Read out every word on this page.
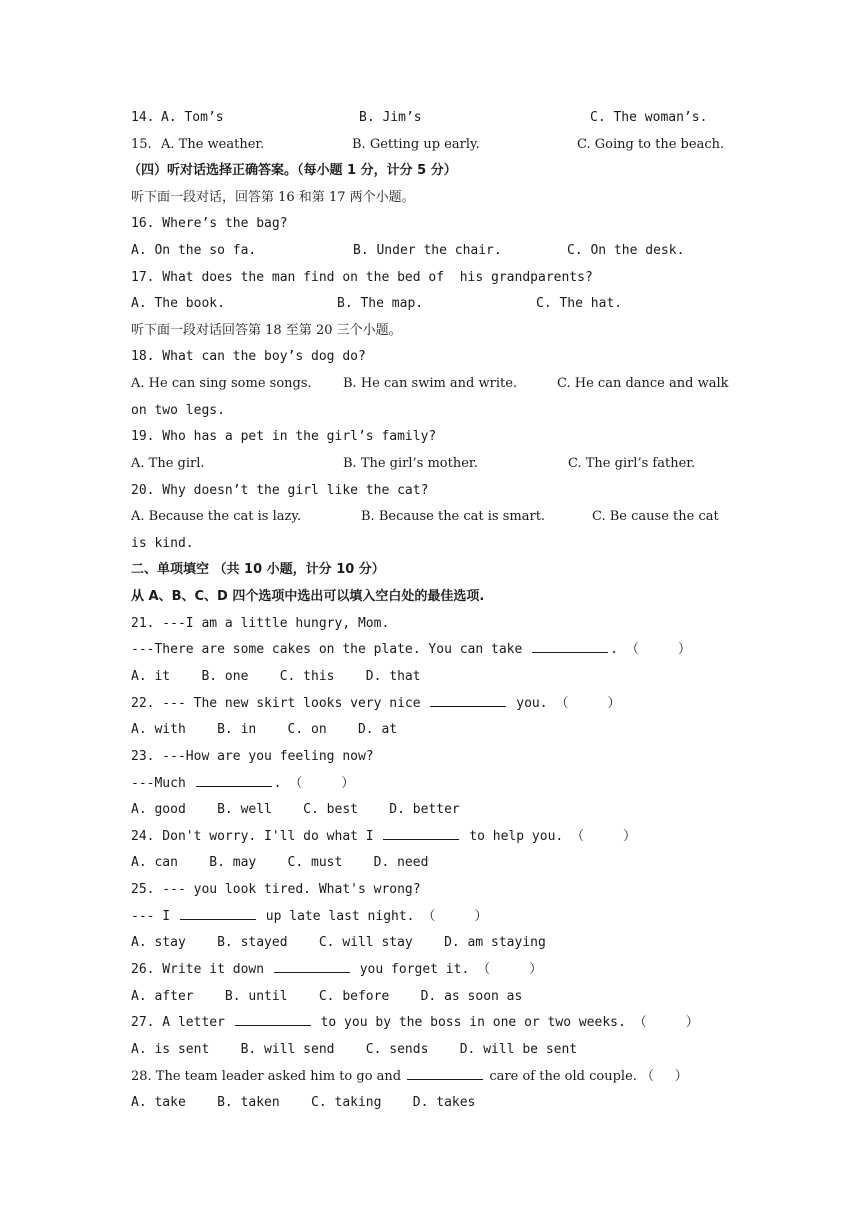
14.

A. Tom’s

	B. Jim’s

	C. The woman’s.

15.

A. The weather.

	B. Getting up early.

	C. Going to the beach.

（四）听对话选择正确答案。（每小题 1 分，计分 5 分）
听下面一段对话，回答第 16 和第 17 两个小题。
16. Where’s the bag?

A. On the so fa.

	B. Under the chair.

	C. On the desk.

17. What does the man find on the bed of  his grandparents?

A. The book.

	B. The map.

	C. The hat.

听下面一段对话回答第 18 至第 20 三个小题。
18. What can the boy’s dog do?

A. He can sing some songs.

B. He can swim and write.

	C. He can dance and walk

on two legs.
19. Who has a pet in the girl’s family?

A. The girl.

	B. The girl’s mother.

	C. The girl’s father.

20. Why doesn’t the girl like the cat?

A. Because the cat is lazy.

	B. Because the cat is smart.

	C. Be cause the cat

is kind.
二、单项填空 （共 10 小题，计分 10 分）
从 A、B、C、D 四个选项中选出可以填入空白处的最佳选项.
21. ---I am a little hungry, Mom.
---There are some cakes on the plate. You can take	. （     ）
A. it    B. one    C. this    D. that
22. --- The new skirt looks very nice	you. （     ）
A. with    B. in    C. on    D. at
23. ---How are you feeling now?
---Much	. （     ）
A. good    B. well    C. best    D. better
24. Don't worry. I'll do what I	to help you. （     ）
A. can    B. may    C. must    D. need
25. --- you look tired. What's wrong?
--- I	up late last night. （     ）
A. stay    B. stayed    C. will stay    D. am staying
26. Write it down	you forget it. （     ）
A. after    B. until    C. before    D. as soon as
27. A letter	to you by the boss in one or two weeks. （     ）
A. is sent    B. will send    C. sends    D. will be sent
28. The team leader asked him to go and	care of the old couple. （     ）
A. take    B. taken    C. taking    D. takes
